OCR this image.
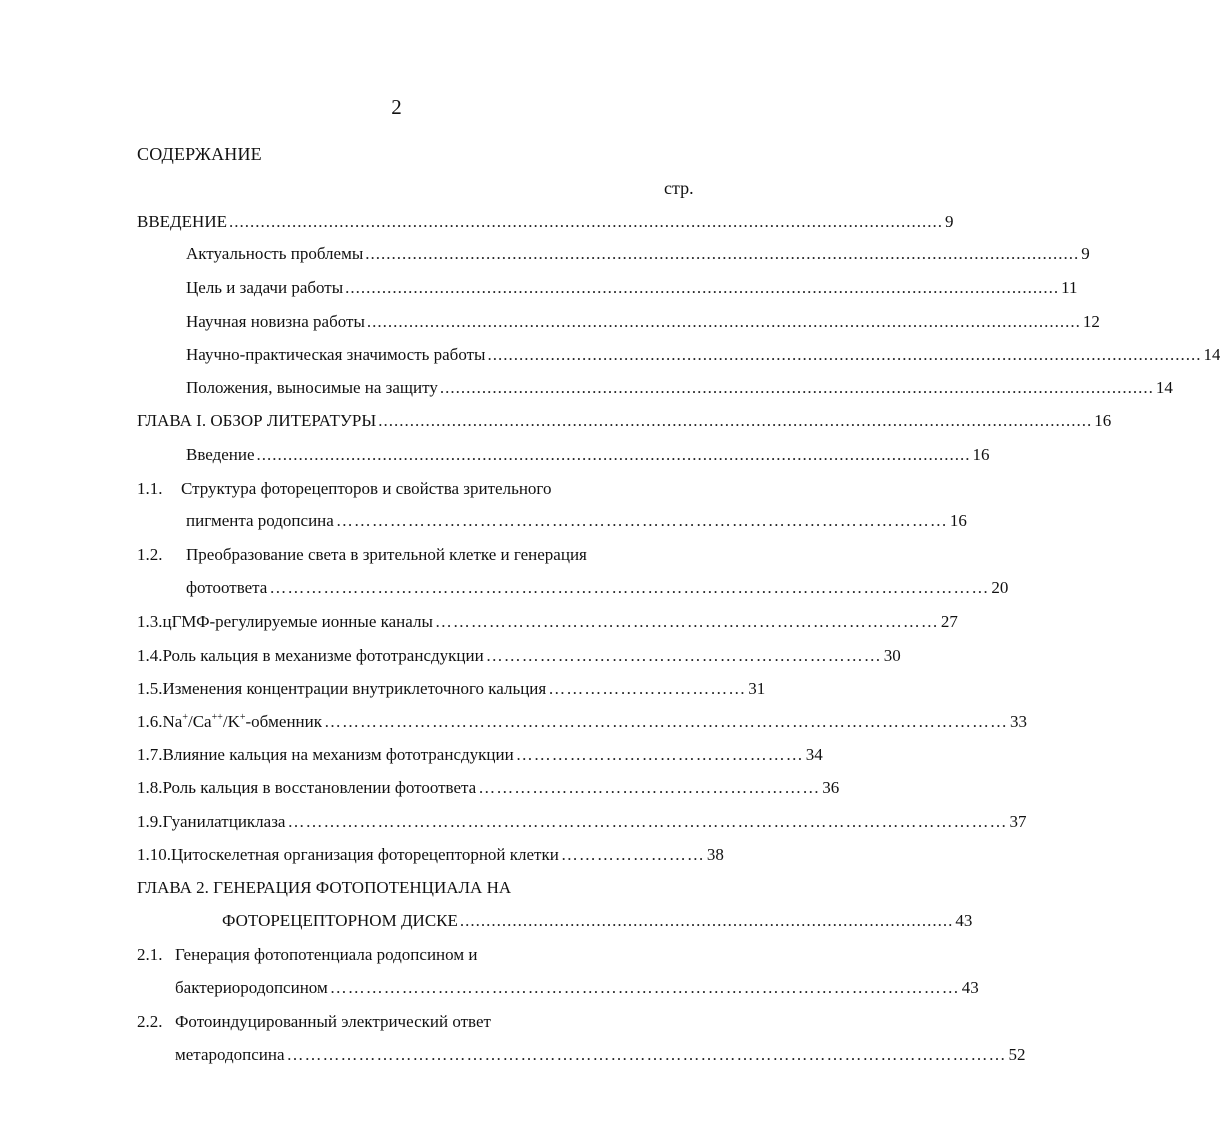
2
СОДЕРЖАНИЕ
стр.
ВВЕДЕНИЕ ........................................................................................................................................ 9
Актуальность проблемы ........................................................................................................................................ 9
Цель и задачи работы ........................................................................................................................................ 11
Научная новизна работы ........................................................................................................................................ 12
Научно-практическая значимость работы ........................................................................................................................................ 14
Положения, выносимые на защиту ........................................................................................................................................ 14
ГЛАВА I. ОБЗОР ЛИТЕРАТУРЫ ........................................................................................................................................ 16
Введение ........................................................................................................................................ 16
1.1. Структура фоторецепторов и свойства зрительного
пигмента родопсина ………………………………………………………………………………………… 16
1.2. Преобразование света в зрительной клетке и генерация
фотоответа ………………………………………………………………………………………………………… 20
1.3. цГМФ-регулируемые ионные каналы ………………………………………………………………………… 27
1.4. Роль кальция в механизме фототрансдукции ………………………………………………………… 30
1.5. Изменения концентрации внутриклеточного кальция …………………………… 31
1.6. Na+/Ca++/K+-обменник …………………………………………………………………………………………………… 33
1.7. Влияние кальция на механизм фототрансдукции ………………………………………… 34
1.8. Роль кальция в восстановлении фотоответа ………………………………………………… 36
1.9. Гуанилатциклаза ………………………………………………………………………………………………………… 37
1.10. Цитоскелетная организация фоторецепторной клетки …………………… 38
ГЛАВА 2. ГЕНЕРАЦИЯ ФОТОПОТЕНЦИАЛА НА
ФОТОРЕЦЕПТОРНОМ ДИСКЕ .............................................................................................. 43
2.1. Генерация фотопотенциала родопсином и
бактериородопсином …………………………………………………………………………………………… 43
2.2. Фотоиндуцированный электрический ответ
метародопсина ………………………………………………………………………………………………………… 52
